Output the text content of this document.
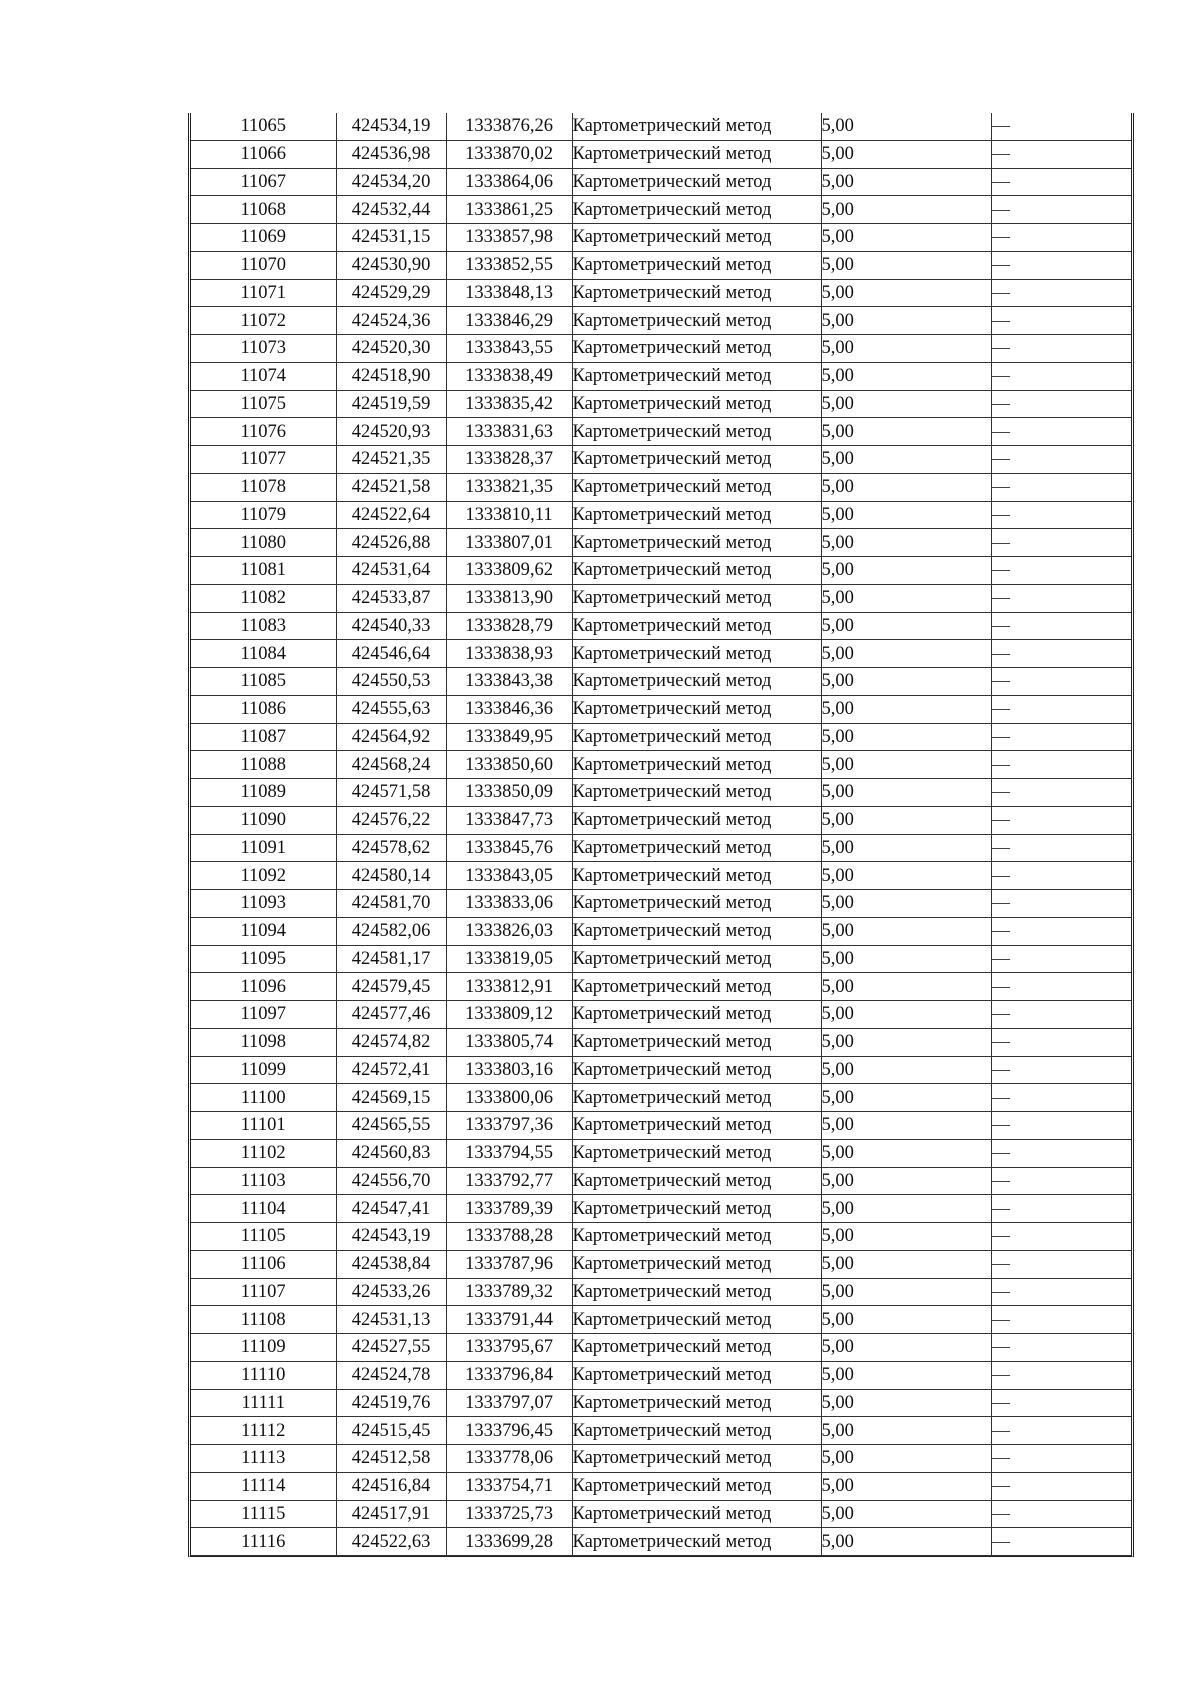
11065	424534,19	1333876,26	Картометрический метод	5,00	—
11066	424536,98	1333870,02	Картометрический метод	5,00	—
11067	424534,20	1333864,06	Картометрический метод	5,00	—
11068	424532,44	1333861,25	Картометрический метод	5,00	—
11069	424531,15	1333857,98	Картометрический метод	5,00	—
11070	424530,90	1333852,55	Картометрический метод	5,00	—
11071	424529,29	1333848,13	Картометрический метод	5,00	—
11072	424524,36	1333846,29	Картометрический метод	5,00	—
11073	424520,30	1333843,55	Картометрический метод	5,00	—
11074	424518,90	1333838,49	Картометрический метод	5,00	—
11075	424519,59	1333835,42	Картометрический метод	5,00	—
11076	424520,93	1333831,63	Картометрический метод	5,00	—
11077	424521,35	1333828,37	Картометрический метод	5,00	—
11078	424521,58	1333821,35	Картометрический метод	5,00	—
11079	424522,64	1333810,11	Картометрический метод	5,00	—
11080	424526,88	1333807,01	Картометрический метод	5,00	—
11081	424531,64	1333809,62	Картометрический метод	5,00	—
11082	424533,87	1333813,90	Картометрический метод	5,00	—
11083	424540,33	1333828,79	Картометрический метод	5,00	—
11084	424546,64	1333838,93	Картометрический метод	5,00	—
11085	424550,53	1333843,38	Картометрический метод	5,00	—
11086	424555,63	1333846,36	Картометрический метод	5,00	—
11087	424564,92	1333849,95	Картометрический метод	5,00	—
11088	424568,24	1333850,60	Картометрический метод	5,00	—
11089	424571,58	1333850,09	Картометрический метод	5,00	—
11090	424576,22	1333847,73	Картометрический метод	5,00	—
11091	424578,62	1333845,76	Картометрический метод	5,00	—
11092	424580,14	1333843,05	Картометрический метод	5,00	—
11093	424581,70	1333833,06	Картометрический метод	5,00	—
11094	424582,06	1333826,03	Картометрический метод	5,00	—
11095	424581,17	1333819,05	Картометрический метод	5,00	—
11096	424579,45	1333812,91	Картометрический метод	5,00	—
11097	424577,46	1333809,12	Картометрический метод	5,00	—
11098	424574,82	1333805,74	Картометрический метод	5,00	—
11099	424572,41	1333803,16	Картометрический метод	5,00	—
11100	424569,15	1333800,06	Картометрический метод	5,00	—
11101	424565,55	1333797,36	Картометрический метод	5,00	—
11102	424560,83	1333794,55	Картометрический метод	5,00	—
11103	424556,70	1333792,77	Картометрический метод	5,00	—
11104	424547,41	1333789,39	Картометрический метод	5,00	—
11105	424543,19	1333788,28	Картометрический метод	5,00	—
11106	424538,84	1333787,96	Картометрический метод	5,00	—
11107	424533,26	1333789,32	Картометрический метод	5,00	—
11108	424531,13	1333791,44	Картометрический метод	5,00	—
11109	424527,55	1333795,67	Картометрический метод	5,00	—
11110	424524,78	1333796,84	Картометрический метод	5,00	—
11111	424519,76	1333797,07	Картометрический метод	5,00	—
11112	424515,45	1333796,45	Картометрический метод	5,00	—
11113	424512,58	1333778,06	Картометрический метод	5,00	—
11114	424516,84	1333754,71	Картометрический метод	5,00	—
11115	424517,91	1333725,73	Картометрический метод	5,00	—
11116	424522,63	1333699,28	Картометрический метод	5,00	—
